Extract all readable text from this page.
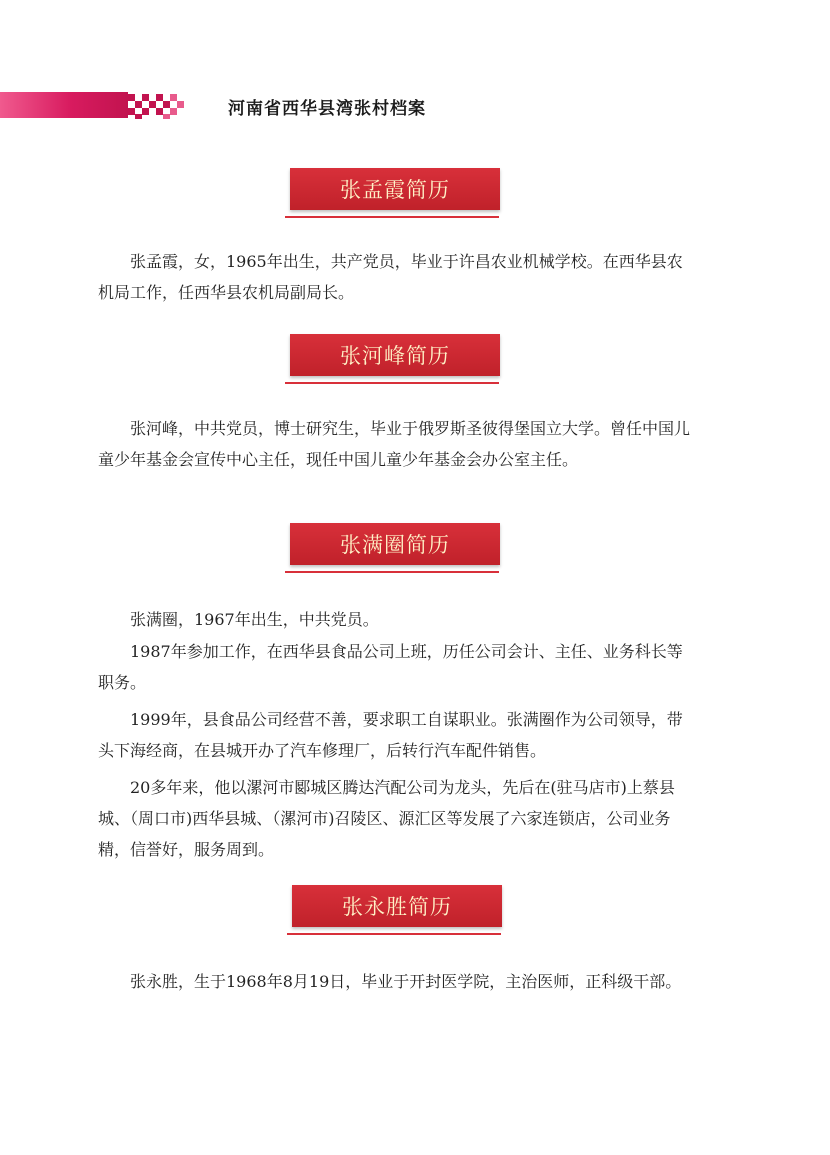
河南省西华县湾张村档案
张孟霞简历

张孟霞，女，1965年出生，共产党员，毕业于许昌农业机械学校。在西华县农机局工作，任西华县农机局副局长。

张河峰简历

张河峰，中共党员，博士研究生，毕业于俄罗斯圣彼得堡国立大学。曾任中国儿童少年基金会宣传中心主任，现任中国儿童少年基金会办公室主任。

张满圈简历

张满圈，1967年出生，中共党员。

1987年参加工作，在西华县食品公司上班，历任公司会计、主任、业务科长等职务。

1999年，县食品公司经营不善，要求职工自谋职业。张满圈作为公司领导，带头下海经商，在县城开办了汽车修理厂，后转行汽车配件销售。

20多年来，他以漯河市郾城区腾达汽配公司为龙头，先后在(驻马店市)上蔡县城、（周口市)西华县城、（漯河市)召陵区、源汇区等发展了六家连锁店，公司业务精，信誉好，服务周到。

张永胜简历

张永胜，生于1968年8月19日，毕业于开封医学院，主治医师，正科级干部。
